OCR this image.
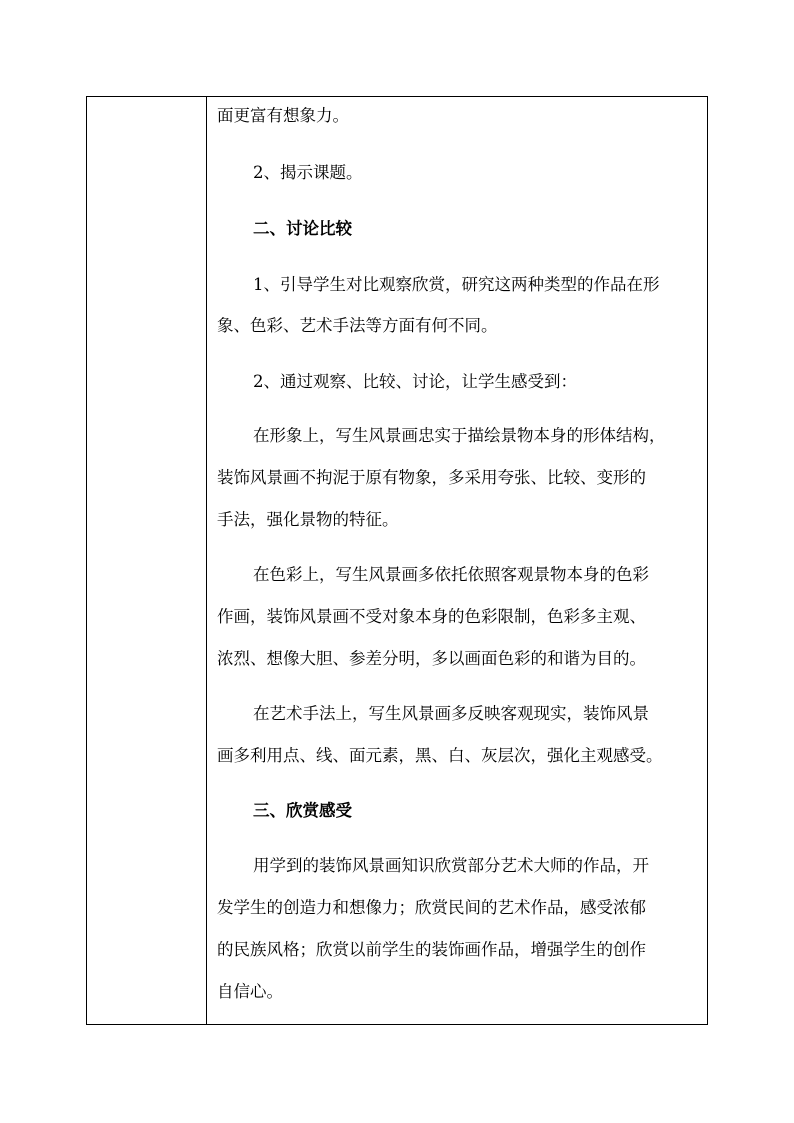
面更富有想象力。
2、揭示课题。
二、讨论比较
1、引导学生对比观察欣赏，研究这两种类型的作品在形
象、色彩、艺术手法等方面有何不同。
2、通过观察、比较、讨论，让学生感受到：
在形象上，写生风景画忠实于描绘景物本身的形体结构，
装饰风景画不拘泥于原有物象，多采用夸张、比较、变形的
手法，强化景物的特征。
在色彩上，写生风景画多依托依照客观景物本身的色彩
作画，装饰风景画不受对象本身的色彩限制，色彩多主观、
浓烈、想像大胆、参差分明，多以画面色彩的和谐为目的。
在艺术手法上，写生风景画多反映客观现实，装饰风景
画多利用点、线、面元素，黑、白、灰层次，强化主观感受。
三、欣赏感受
用学到的装饰风景画知识欣赏部分艺术大师的作品，开
发学生的创造力和想像力；欣赏民间的艺术作品，感受浓郁
的民族风格；欣赏以前学生的装饰画作品，增强学生的创作
自信心。
